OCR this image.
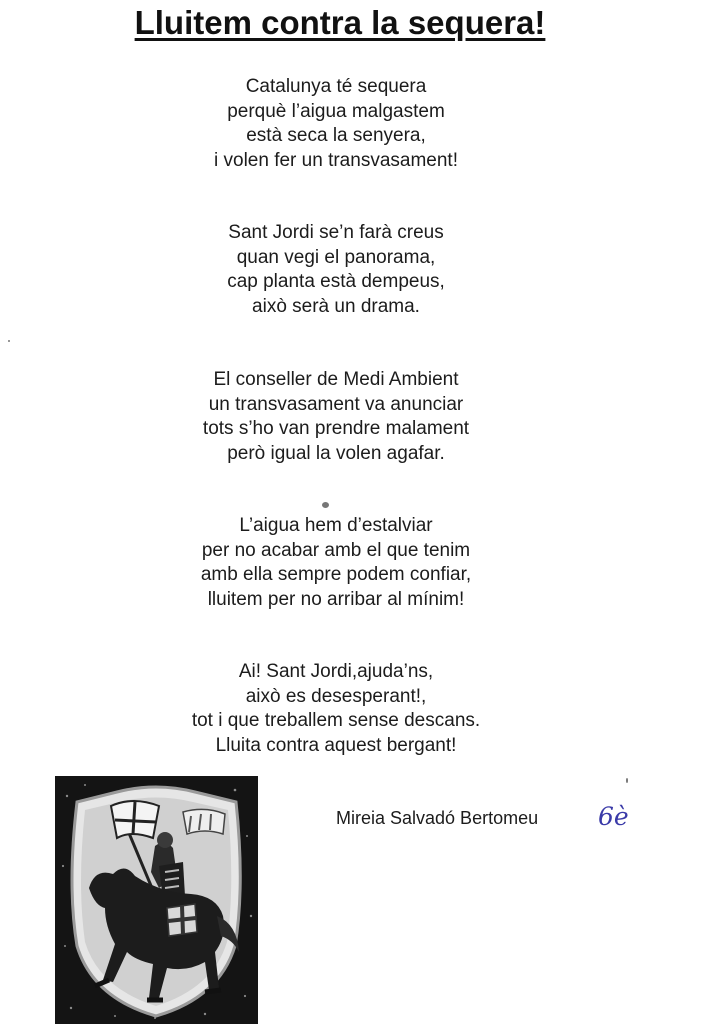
Lluitem contra la sequera!
Catalunya té sequera
perquè l’aigua malgastem
està seca la senyera,
i volen fer un transvasament!
Sant Jordi se’n farà creus
quan vegi el panorama,
cap planta està dempeus,
això serà un drama.
El conseller de Medi Ambient
un transvasament va anunciar
tots s’ho van prendre malament
però igual la volen agafar.
L’aigua hem d’estalviar
per no acabar amb el que tenim
amb ella sempre podem confiar,
lluitem per no arribar al mínim!
Ai! Sant Jordi,ajuda’ns,
això es desesperant!,
tot i que treballem sense descans.
Lluita contra aquest bergant!
Mireia Salvadó Bertomeu 6è
